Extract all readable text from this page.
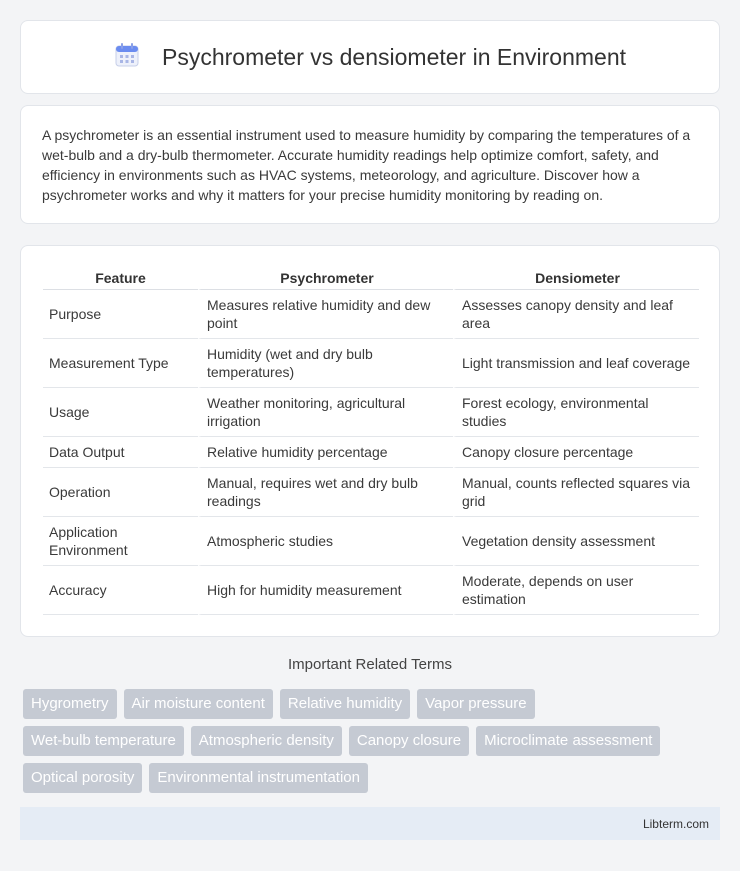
Psychrometer vs densiometer in Environment

A psychrometer is an essential instrument used to measure humidity by comparing the temperatures of a wet-bulb and a dry-bulb thermometer. Accurate humidity readings help optimize comfort, safety, and efficiency in environments such as HVAC systems, meteorology, and agriculture. Discover how a psychrometer works and why it matters for your precise humidity monitoring by reading on.

Feature	Psychrometer	Densiometer
Purpose	Measures relative humidity and dew point	Assesses canopy density and leaf area
Measurement Type	Humidity (wet and dry bulb temperatures)	Light transmission and leaf coverage
Usage	Weather monitoring, agricultural irrigation	Forest ecology, environmental studies
Data Output	Relative humidity percentage	Canopy closure percentage
Operation	Manual, requires wet and dry bulb readings	Manual, counts reflected squares via grid
Application Environment	Atmospheric studies	Vegetation density assessment
Accuracy	High for humidity measurement	Moderate, depends on user estimation
Important Related Terms
Hygrometry	Air moisture content	Relative humidity	Vapor pressure
Wet-bulb temperature	Atmospheric density	Canopy closure	Microclimate assessment
Optical porosity	Environmental instrumentation
Libterm.com
